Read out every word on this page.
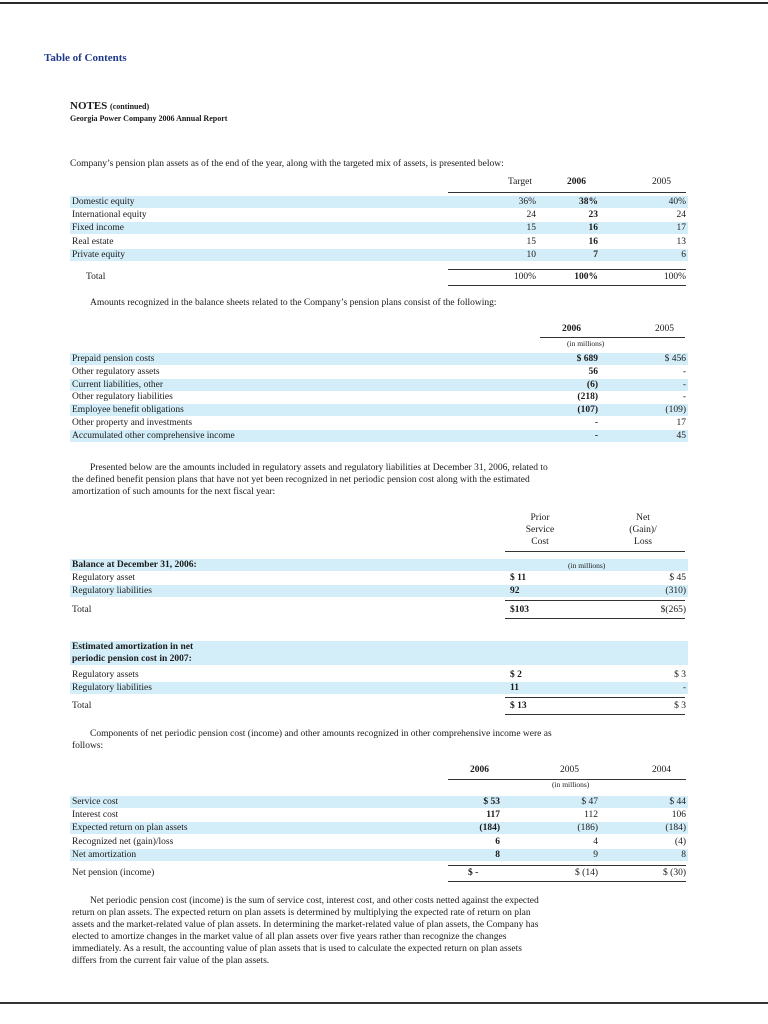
Table of Contents
NOTES (continued)
Georgia Power Company 2006 Annual Report
Company’s pension plan assets as of the end of the year, along with the targeted mix of assets, is presented below:
Target	2006	2005
Domestic equity	36%	38%	40%
International equity	24	23	24
Fixed income	15	16	17
Real estate	15	16	13
Private equity	10	7	6
Total	100%	100%	100%
Amounts recognized in the balance sheets related to the Company’s pension plans consist of the following:
2006	2005
(in millions)
Prepaid pension costs	$ 689	$ 456
Other regulatory assets	56	-
Current liabilities, other	(6)	-
Other regulatory liabilities	(218)	-
Employee benefit obligations	(107)	(109)
Other property and investments	-	17
Accumulated other comprehensive income	-	45
Presented below are the amounts included in regulatory assets and regulatory liabilities at December 31, 2006, related to
the defined benefit pension plans that have not yet been recognized in net periodic pension cost along with the estimated
amortization of such amounts for the next fiscal year:
Prior
Service
Cost
Net
(Gain)/
Loss
Balance at December 31, 2006:	(in millions)
Regulatory asset	$ 11	$ 45
Regulatory liabilities	92	(310)
Total	$103	$(265)
Estimated amortization in net
periodic pension cost in 2007:
Regulatory assets	$ 2	$ 3
Regulatory liabilities	11	-
Total	$ 13	$ 3
Components of net periodic pension cost (income) and other amounts recognized in other comprehensive income were as
follows:
2006	2005	2004
(in millions)
Service cost	$ 53	$ 47	$ 44
Interest cost	117	112	106
Expected return on plan assets	(184)	(186)	(184)
Recognized net (gain)/loss	6	4	(4)
Net amortization	8	9	8
Net pension (income)	$ -	$ (14)	$ (30)
Net periodic pension cost (income) is the sum of service cost, interest cost, and other costs netted against the expected
return on plan assets. The expected return on plan assets is determined by multiplying the expected rate of return on plan
assets and the market-related value of plan assets. In determining the market-related value of plan assets, the Company has
elected to amortize changes in the market value of all plan assets over five years rather than recognize the changes
immediately. As a result, the accounting value of plan assets that is used to calculate the expected return on plan assets
differs from the current fair value of the plan assets.
